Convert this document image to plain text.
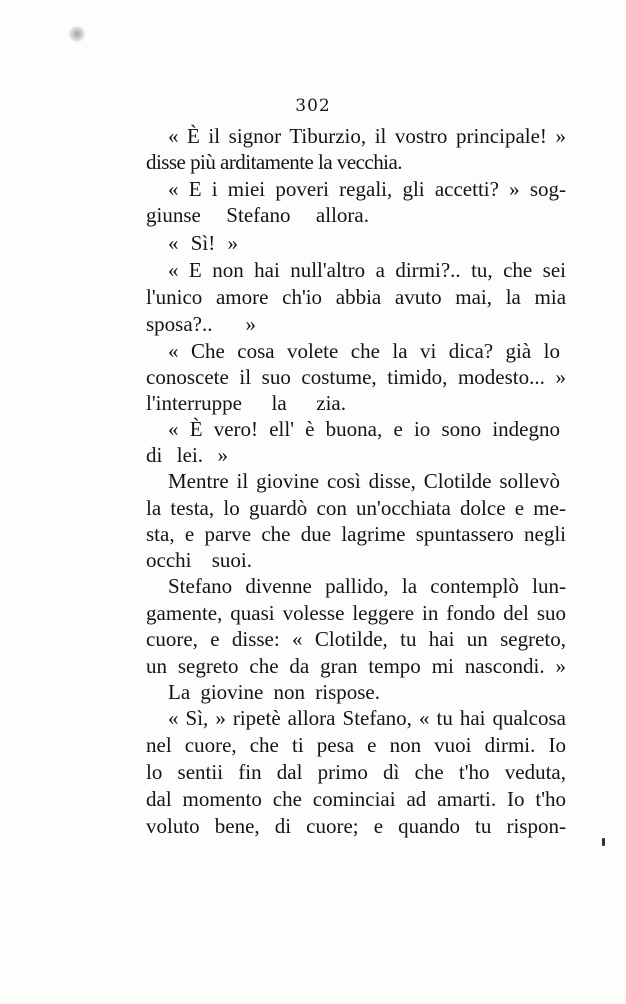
302
« È il signor Tiburzio, il vostro principale! »
disse più arditamente la vecchia.
« E i miei poveri regali, gli accetti? » sog-
giunse Stefano allora.
« Sì! »
« E non hai null'altro a dirmi?.. tu, che sei
l'unico amore ch'io abbia avuto mai, la mia
sposa?.. »
« Che cosa volete che la vi dica? già lo
conoscete il suo costume, timido, modesto... »
l'interruppe la zia.
« È vero! ell' è buona, e io sono indegno
di lei. »
Mentre il giovine così disse, Clotilde sollevò
la testa, lo guardò con un'occhiata dolce e me-
sta, e parve che due lagrime spuntassero negli
occhi suoi.
Stefano divenne pallido, la contemplò lun-
gamente, quasi volesse leggere in fondo del suo
cuore, e disse: « Clotilde, tu hai un segreto,
un segreto che da gran tempo mi nascondi. »
La giovine non rispose.
« Sì, » ripetè allora Stefano, « tu hai qualcosa
nel cuore, che ti pesa e non vuoi dirmi. Io
lo sentii fin dal primo dì che t'ho veduta,
dal momento che cominciai ad amarti. Io t'ho
voluto bene, di cuore; e quando tu rispon-
